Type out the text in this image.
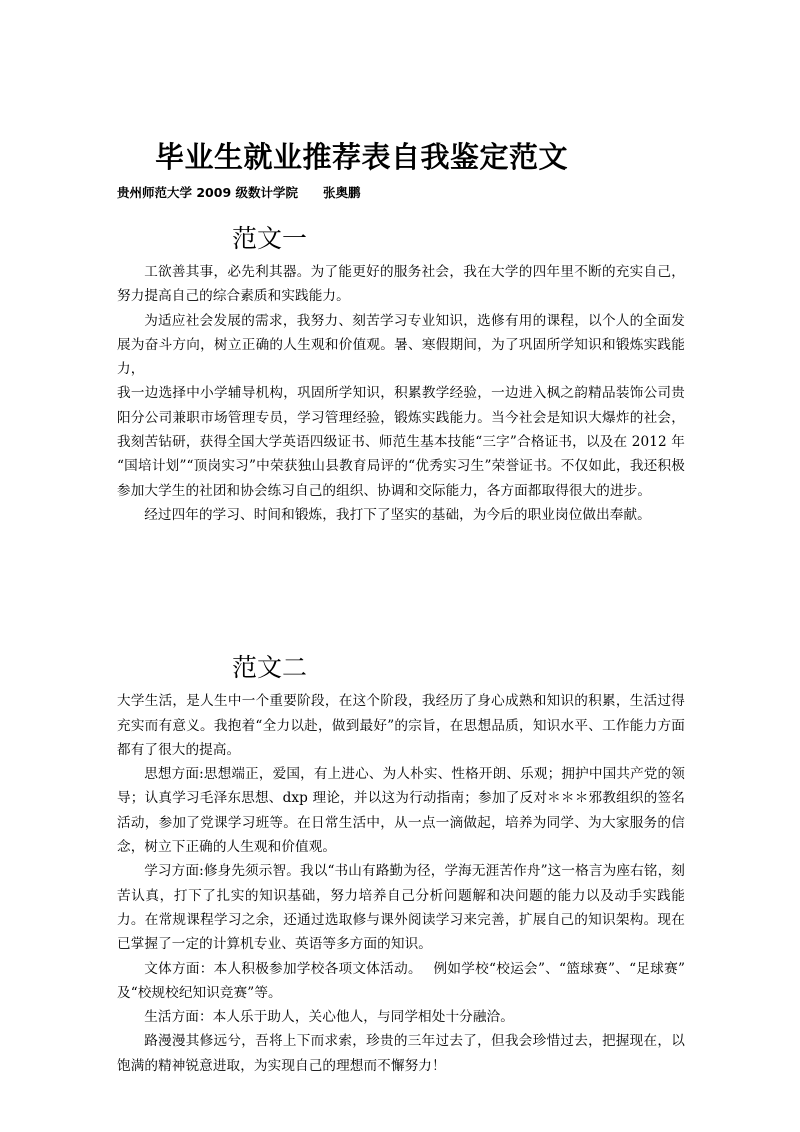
毕业生就业推荐表自我鉴定范文
贵州师范大学 2009 级数计学院　　张奥鹏
范文一

工欲善其事，必先利其器。为了能更好的服务社会，我在大学的四年里不断的充实自己，努力提高自己的综合素质和实践能力。

为适应社会发展的需求，我努力、刻苦学习专业知识，选修有用的课程，以个人的全面发展为奋斗方向，树立正确的人生观和价值观。暑、寒假期间，为了巩固所学知识和锻炼实践能力，

我一边选择中小学辅导机构，巩固所学知识，积累教学经验，一边进入枫之韵精品装饰公司贵阳分公司兼职市场管理专员，学习管理经验，锻炼实践能力。当今社会是知识大爆炸的社会，我刻苦钻研，获得全国大学英语四级证书、师范生基本技能“三字”合格证书，以及在 2012 年“国培计划”“顶岗实习”中荣获独山县教育局评的“优秀实习生”荣誉证书。不仅如此，我还积极参加大学生的社团和协会练习自己的组织、协调和交际能力，各方面都取得很大的进步。

经过四年的学习、时间和锻炼，我打下了坚实的基础，为今后的职业岗位做出奉献。

范文二

大学生活，是人生中一个重要阶段，在这个阶段，我经历了身心成熟和知识的积累，生活过得充实而有意义。我抱着“全力以赴，做到最好”的宗旨，在思想品质，知识水平、工作能力方面都有了很大的提高。

思想方面:思想端正，爱国，有上进心、为人朴实、性格开朗、乐观；拥护中国共产党的领导；认真学习毛泽东思想、dxp 理论，并以这为行动指南；参加了反对＊＊＊邪教组织的签名活动，参加了党课学习班等。在日常生活中，从一点一滴做起，培养为同学、为大家服务的信念，树立下正确的人生观和价值观。

学习方面:修身先须示智。我以“书山有路勤为径，学海无涯苦作舟”这一格言为座右铭，刻苦认真，打下了扎实的知识基础，努力培养自己分析问题解和决问题的能力以及动手实践能力。在常规课程学习之余，还通过选取修与课外阅读学习来完善，扩展自己的知识架构。现在已掌握了一定的计算机专业、英语等多方面的知识。

文体方面：本人积极参加学校各项文体活动。　 例如学校“校运会”、“篮球赛”、“足球赛”及“校规校纪知识竞赛”等。

生活方面：本人乐于助人，关心他人，与同学相处十分融洽。

路漫漫其修远兮，吾将上下而求索，珍贵的三年过去了，但我会珍惜过去，把握现在，以饱满的精神锐意进取，为实现自己的理想而不懈努力！
